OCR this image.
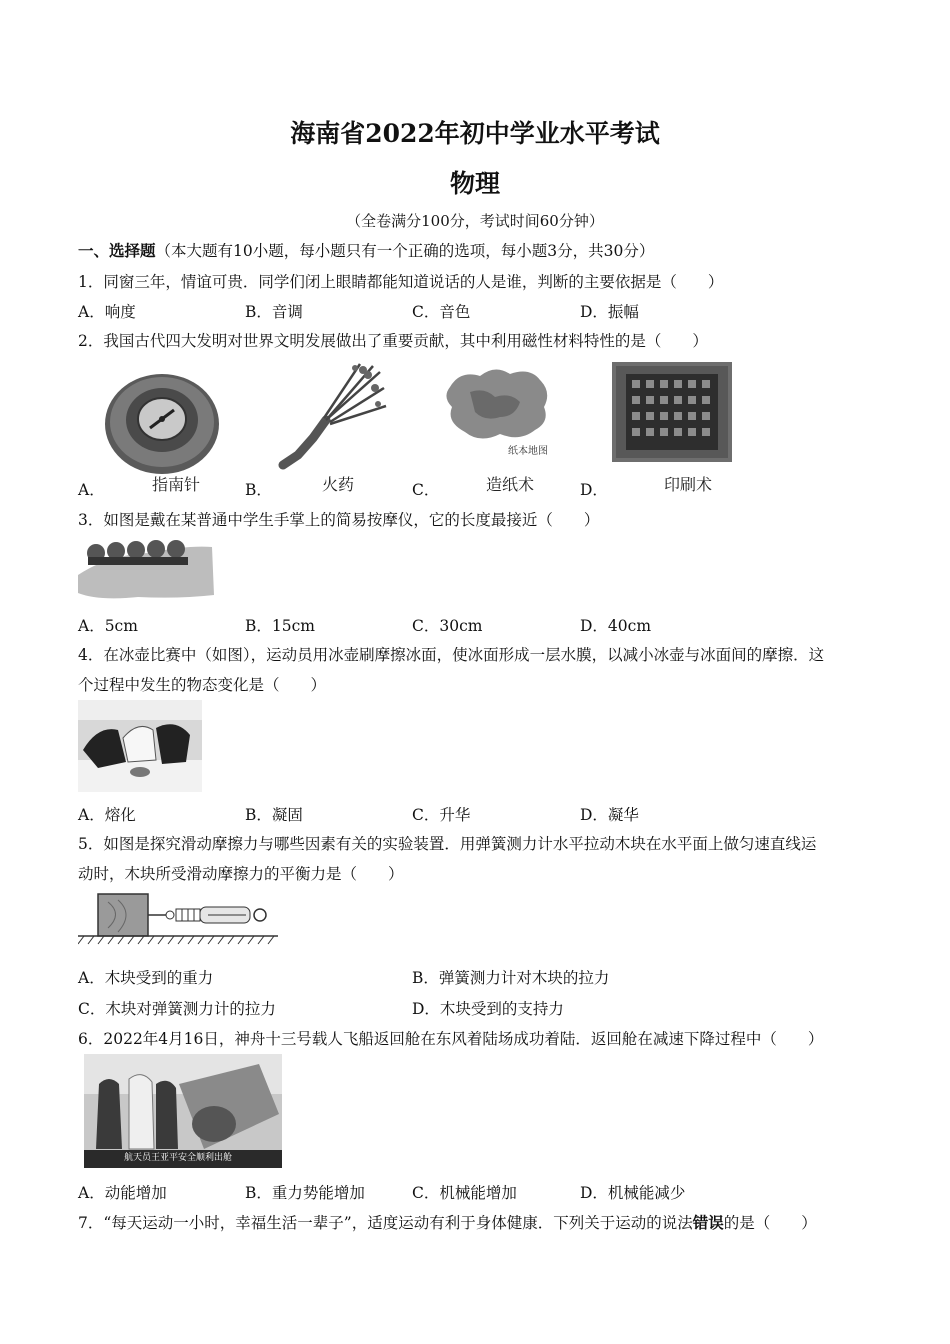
海南省2022年初中学业水平考试
物理
（全卷满分100分，考试时间60分钟）
一、选择题（本大题有10小题，每小题只有一个正确的选项，每小题3分，共30分）
1．同窗三年，情谊可贵．同学们闭上眼睛都能知道说话的人是谁，判断的主要依据是（　　）
A．响度	B．音调	C．音色	D．振幅
2．我国古代四大发明对世界文明发展做出了重要贡献，其中利用磁性材料特性的是（　　）
A．	指南针	B．	火药	C．
纸本地图
造纸术	D．	印刷术
3．如图是戴在某普通中学生手掌上的简易按摩仪，它的长度最接近（　　）
A．5cm	B．15cm	C．30cm	D．40cm
4．在冰壶比赛中（如图），运动员用冰壶刷摩擦冰面，使冰面形成一层水膜，以减小冰壶与冰面间的摩擦．这
个过程中发生的物态变化是（　　）
A．熔化	B．凝固	C．升华	D．凝华
5．如图是探究滑动摩擦力与哪些因素有关的实验装置．用弹簧测力计水平拉动木块在水平面上做匀速直线运
动时，木块所受滑动摩擦力的平衡力是（　　）
A．木块受到的重力	B．弹簧测力计对木块的拉力
C．木块对弹簧测力计的拉力	D．木块受到的支持力
6．2022年4月16日，神舟十三号载人飞船返回舱在东风着陆场成功着陆．返回舱在减速下降过程中（　　）
航天员王亚平安全顺利出舱
A．动能增加	B．重力势能增加	C．机械能增加	D．机械能减少
7．“每天运动一小时，幸福生活一辈子”，适度运动有利于身体健康．下列关于运动的说法错误的是（　　）
